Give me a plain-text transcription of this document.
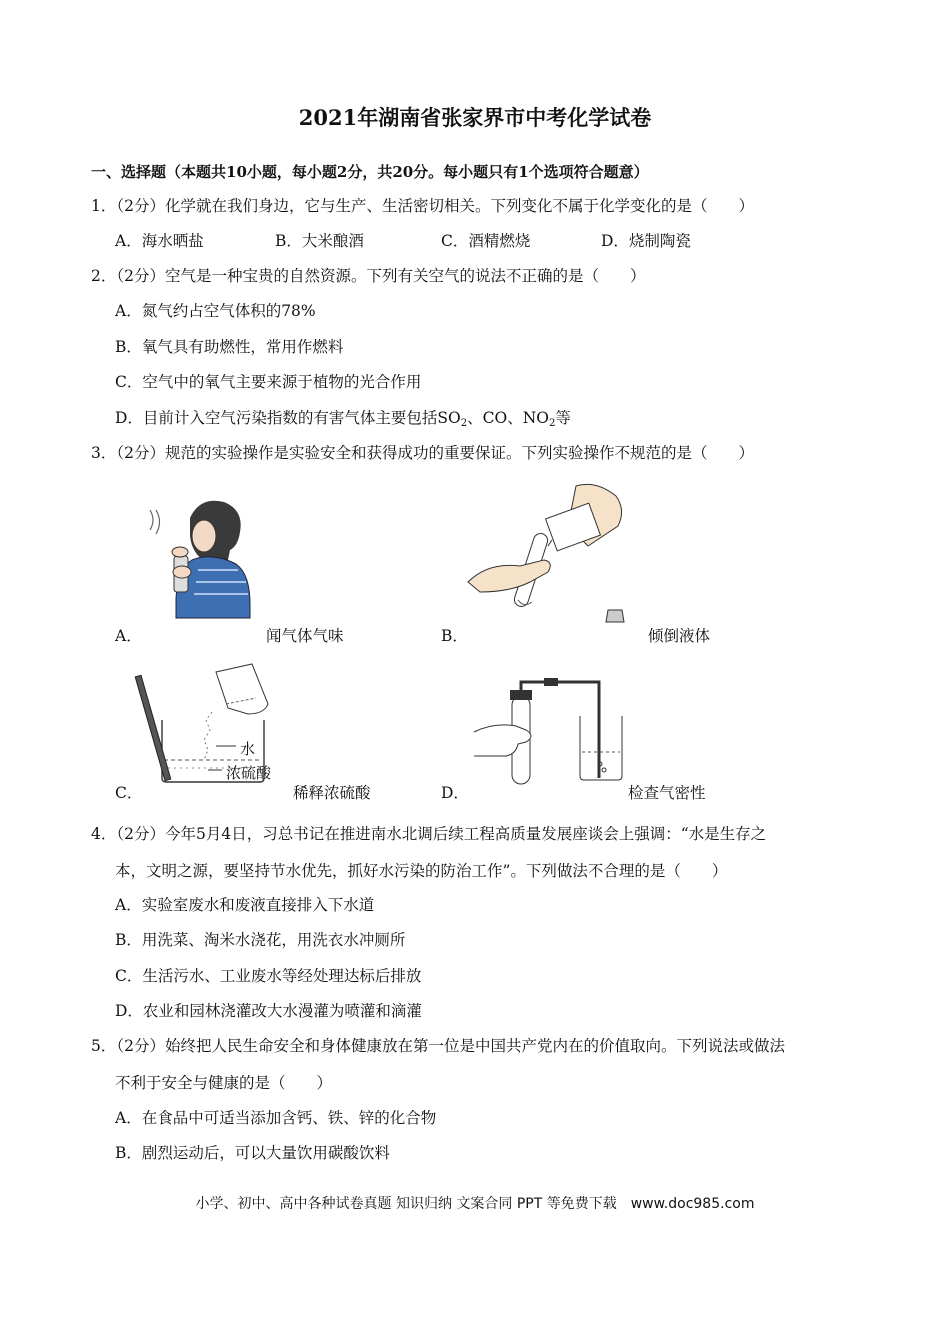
2021年湖南省张家界市中考化学试卷
一、选择题（本题共10小题，每小题2分，共20分。每小题只有1个选项符合题意）
1．（2分）化学就在我们身边，它与生产、生活密切相关。下列变化不属于化学变化的是（　　）
A．海水晒盐	B．大米酿酒	C．酒精燃烧	D．烧制陶瓷
2．（2分）空气是一种宝贵的自然资源。下列有关空气的说法不正确的是（　　）
A．氮气约占空气体积的78%
B．氧气具有助燃性，常用作燃料
C．空气中的氧气主要来源于植物的光合作用
D．目前计入空气污染指数的有害气体主要包括$SO_2$、CO、$NO_2$等
3．（2分）规范的实验操作是实验安全和获得成功的重要保证。下列实验操作不规范的是（　　）
A．	闻气体气味	B．	倾倒液体
水
浓硫酸
C．	稀释浓硫酸	D．	检查气密性
4．（2分）今年5月4日，习总书记在推进南水北调后续工程高质量发展座谈会上强调：“水是生存之
本，文明之源，要坚持节水优先，抓好水污染的防治工作”。下列做法不合理的是（　　）
A．实验室废水和废液直接排入下水道
B．用洗菜、淘米水浇花，用洗衣水冲厕所
C．生活污水、工业废水等经处理达标后排放
D．农业和园林浇灌改大水漫灌为喷灌和滴灌
5．（2分）始终把人民生命安全和身体健康放在第一位是中国共产党内在的价值取向。下列说法或做法
不利于安全与健康的是（　　）
A．在食品中可适当添加含钙、铁、锌的化合物
B．剧烈运动后，可以大量饮用碳酸饮料
小学、初中、高中各种试卷真题 知识归纳 文案合同 PPT 等免费下载　www.doc985.com
